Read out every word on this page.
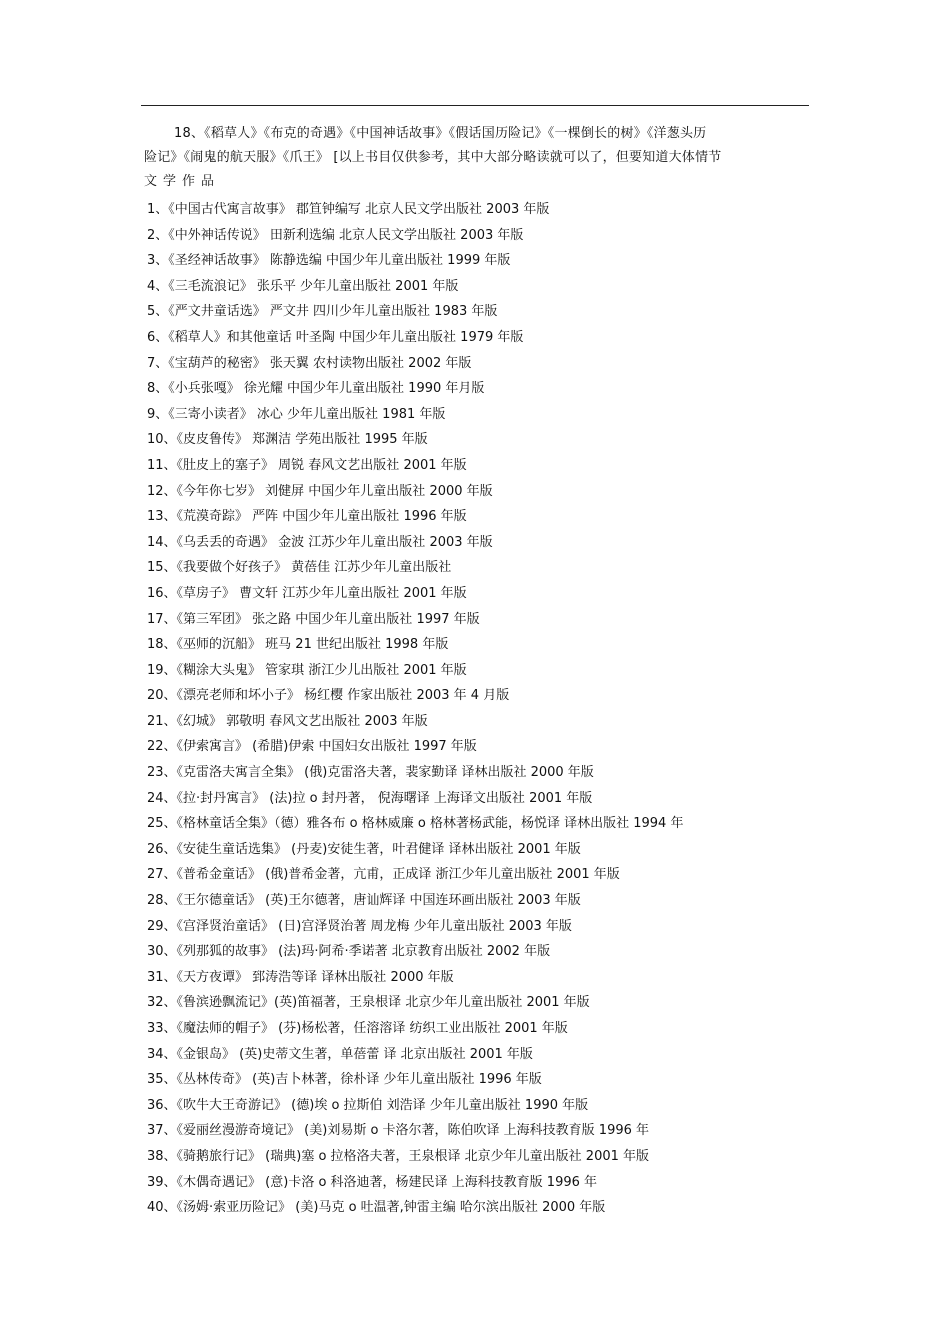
18、《稻草人》《布克的奇遇》《中国神话故事》《假话国历险记》《一棵倒长的树》《洋葱头历
险记》《闹鬼的航天服》《爪王》 [以上书目仅供参考，其中大部分略读就可以了，但要知道大体情节
文学作品
1、《中国古代寓言故事》 郡笪钟编写 北京人民文学出版社 2003 年版
2、《中外神话传说》 田新利选编 北京人民文学出版社 2003 年版
3、《圣经神话故事》 陈静选编 中国少年儿童出版社 1999 年版
4、《三毛流浪记》 张乐平 少年儿童出版社 2001 年版
5、《严文井童话选》 严文井 四川少年儿童出版社 1983 年版
6、《稻草人》和其他童话 叶圣陶 中国少年儿童出版社 1979 年版
7、《宝葫芦的秘密》 张天翼 农村读物出版社 2002 年版
8、《小兵张嘎》 徐光耀 中国少年儿童出版社 1990 年月版
9、《三寄小读者》 冰心 少年儿童出版社 1981 年版
10、《皮皮鲁传》 郑渊洁 学苑出版社 1995 年版
11、《肚皮上的塞子》 周锐 春风文艺出版社 2001 年版
12、《今年你七岁》 刘健屏 中国少年儿童出版社 2000 年版
13、《荒漠奇踪》 严阵 中国少年儿童出版社 1996 年版
14、《乌丢丢的奇遇》 金波 江苏少年儿童出版社 2003 年版
15、《我要做个好孩子》 黄蓓佳 江苏少年儿童出版社
16、《草房子》 曹文轩 江苏少年儿童出版社 2001 年版
17、《第三军团》 张之路 中国少年儿童出版社 1997 年版
18、《巫师的沉船》 班马 21 世纪出版社 1998 年版
19、《糊涂大头鬼》 管家琪 浙江少儿出版社 2001 年版
20、《漂亮老师和坏小子》 杨红樱 作家出版社 2003 年 4 月版
21、《幻城》 郭敬明 春风文艺出版社 2003 年版
22、《伊索寓言》 (希腊)伊索 中国妇女出版社 1997 年版
23、《克雷洛夫寓言全集》 (俄)克雷洛夫著，裴家勤译 译林出版社 2000 年版
24、《拉·封丹寓言》 (法)拉 o 封丹著， 倪海曙译 上海译文出版社 2001 年版
25、《格林童话全集》（德）雅各布 o 格林威廉 o 格林著杨武能，杨悦译 译林出版社 1994 年
26、《安徒生童话选集》 (丹麦)安徒生著，叶君健译 译林出版社 2001 年版
27、《普希金童话》 (俄)普希金著，亢甫，正成译 浙江少年儿童出版社 2001 年版
28、《王尔德童话》 (英)王尔德著，唐讪辉译 中国连环画出版社 2003 年版
29、《宫泽贤治童话》 (日)宫泽贤治著 周龙梅 少年儿童出版社 2003 年版
30、《列那狐的故事》 (法)玛·阿希·季诺著 北京教育出版社 2002 年版
31、《天方夜谭》 郅涛浩等译 译林出版社 2000 年版
32、《鲁滨逊飘流记》(英)笛福著，王泉根译 北京少年儿童出版社 2001 年版
33、《魔法师的帽子》 (芬)杨松著，任溶溶译 纺织工业出版社 2001 年版
34、《金银岛》 (英)史蒂文生著，单蓓蕾 译 北京出版社 2001 年版
35、《丛林传奇》 (英)吉卜林著，徐朴译 少年儿童出版社 1996 年版
36、《吹牛大王奇游记》 (德)埃 o 拉斯伯 刘浩译 少年儿童出版社 1990 年版
37、《爱丽丝漫游奇境记》 (美)刘易斯 o 卡洛尔著，陈伯吹译 上海科技教育版 1996 年
38、《骑鹅旅行记》 (瑞典)塞 o 拉格洛夫著，王泉根译 北京少年儿童出版社 2001 年版
39、《木偶奇遇记》 (意)卡洛 o 科洛迪著，杨建民译 上海科技教育版 1996 年
40、《汤姆·索亚历险记》 (美)马克 o 吐温著,钟雷主编 哈尔滨出版社 2000 年版
